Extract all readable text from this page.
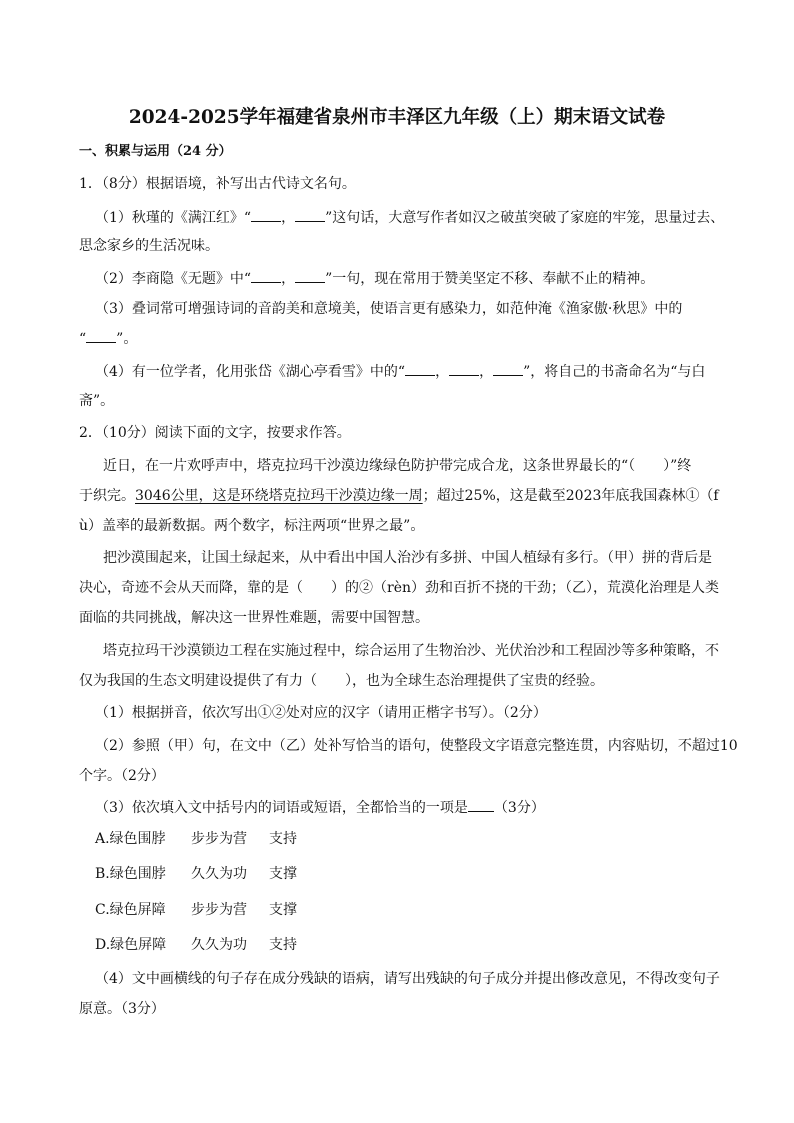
2024-2025学年福建省泉州市丰泽区九年级（上）期末语文试卷
一、积累与运用（24 分）
1．（8分）根据语境，补写出古代诗文名句。
（1）秋瑾的《满江红》“ ， ”这句话，大意写作者如汉之破茧突破了家庭的牢笼，思量过去、
思念家乡的生活况味。
（2）李商隐《无题》中“ ， ”一句，现在常用于赞美坚定不移、奉献不止的精神。
（3）叠词常可增强诗词的音韵美和意境美，使语言更有感染力，如范仲淹《渔家傲·秋思》中的
“ ”。
（4）有一位学者，化用张岱《湖心亭看雪》中的“ ， ， ”，将自己的书斋命名为“与白
斋”。
2．（10分）阅读下面的文字，按要求作答。
近日，在一片欢呼声中，塔克拉玛干沙漠边缘绿色防护带完成合龙，这条世界最长的“（　　）”终
于织完。3046公里，这是环绕塔克拉玛干沙漠边缘一周；超过25%，这是截至2023年底我国森林①（f
ù）盖率的最新数据。两个数字，标注两项“世界之最”。
把沙漠围起来，让国土绿起来，从中看出中国人治沙有多拼、中国人植绿有多行。（甲）拼的背后是
决心，奇迹不会从天而降，靠的是（　　）的②（rèn）劲和百折不挠的干劲；（乙），荒漠化治理是人类
面临的共同挑战，解决这一世界性难题，需要中国智慧。
塔克拉玛干沙漠锁边工程在实施过程中，综合运用了生物治沙、光伏治沙和工程固沙等多种策略，不
仅为我国的生态文明建设提供了有力（　　），也为全球生态治理提供了宝贵的经验。
（1）根据拼音，依次写出①②处对应的汉字（请用正楷字书写）。（2分）
（2）参照（甲）句，在文中（乙）处补写恰当的语句，使整段文字语意完整连贯，内容贴切，不超过10
个字。（2分）
（3）依次填入文中括号内的词语或短语，全都恰当的一项是 （3分）
A.绿色围脖 步步为营 支持
B.绿色围脖 久久为功 支撑
C.绿色屏障 步步为营 支撑
D.绿色屏障 久久为功 支持
（4）文中画横线的句子存在成分残缺的语病，请写出残缺的句子成分并提出修改意见，不得改变句子
原意。（3分）
